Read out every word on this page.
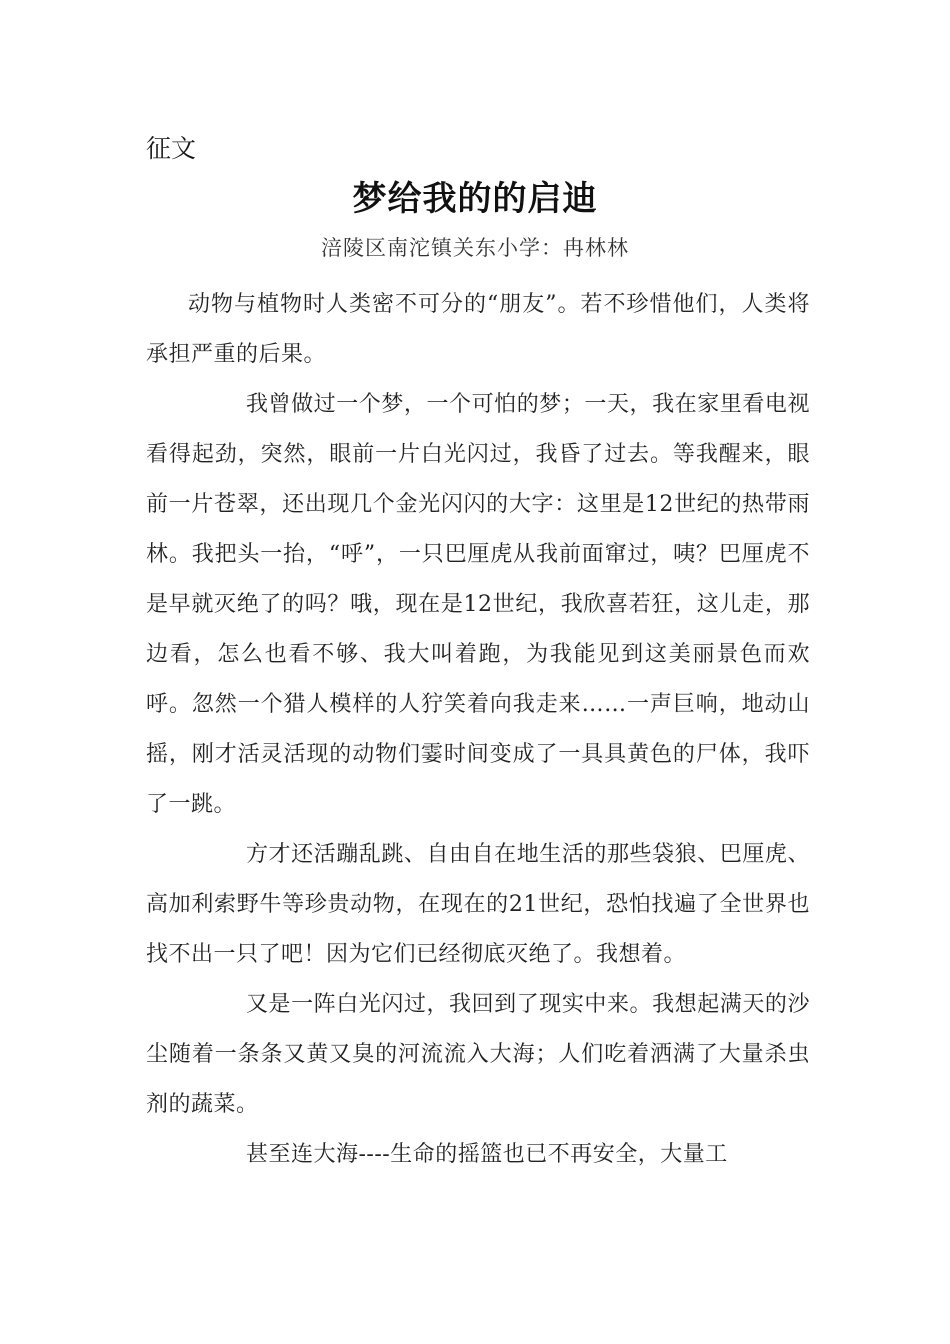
征文
梦给我的的启迪
涪陵区南沱镇关东小学：冉林林

动物与植物时人类密不可分的“朋友”。若不珍惜他们，人类将承担严重的后果。

我曾做过一个梦，一个可怕的梦；一天，我在家里看电视看得起劲，突然，眼前一片白光闪过，我昏了过去。等我醒来，眼前一片苍翠，还出现几个金光闪闪的大字：这里是12世纪的热带雨林。我把头一抬，“呼”，一只巴厘虎从我前面窜过，咦？巴厘虎不是早就灭绝了的吗？哦，现在是12世纪，我欣喜若狂，这儿走，那边看，怎么也看不够、我大叫着跑，为我能见到这美丽景色而欢呼。忽然一个猎人模样的人狞笑着向我走来……一声巨响，地动山摇，刚才活灵活现的动物们霎时间变成了一具具黄色的尸体，我吓了一跳。

方才还活蹦乱跳、自由自在地生活的那些袋狼、巴厘虎、高加利索野牛等珍贵动物，在现在的21世纪，恐怕找遍了全世界也找不出一只了吧！因为它们已经彻底灭绝了。我想着。

又是一阵白光闪过，我回到了现实中来。我想起满天的沙尘随着一条条又黄又臭的河流流入大海；人们吃着洒满了大量杀虫剂的蔬菜。

甚至连大海----生命的摇篮也已不再安全，大量工
